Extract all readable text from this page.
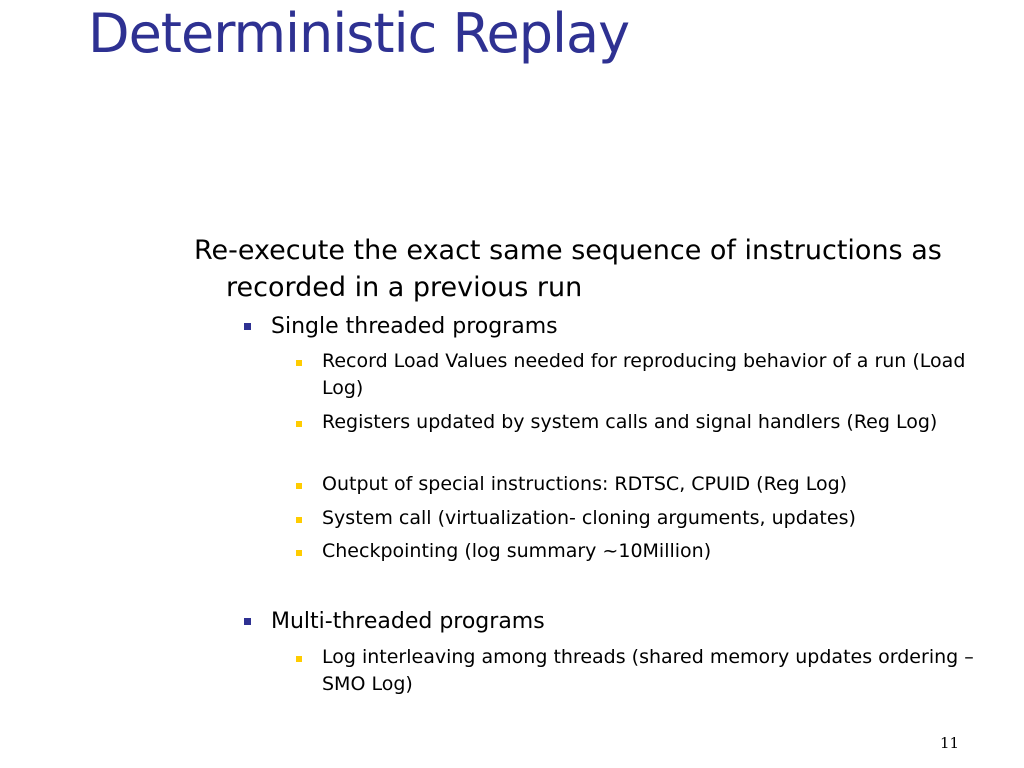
Deterministic Replay
Re-execute the exact same sequence of instructions as recorded in a previous run
Single threaded programs
Record Load Values needed for reproducing behavior of a run (Load Log)
Registers updated by system calls and signal handlers (Reg Log)
Output of special instructions: RDTSC, CPUID (Reg Log)
System call (virtualization- cloning arguments, updates)
Checkpointing (log summary ~10Million)
Multi-threaded programs
Log interleaving among threads (shared memory updates ordering – SMO Log)
11
